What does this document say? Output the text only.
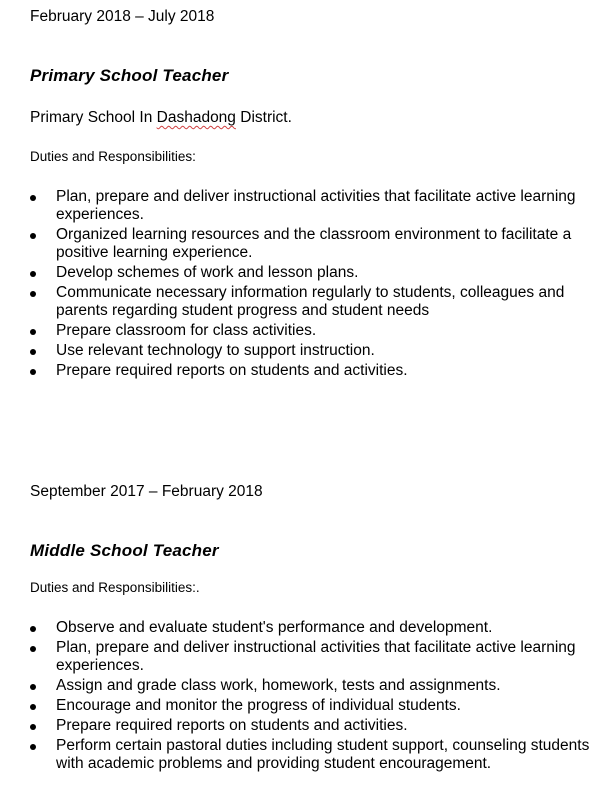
February 2018 – July 2018
Primary School Teacher
Primary School In Dashadong District.
Duties and Responsibilities:
Plan, prepare and deliver instructional activities that facilitate active learning experiences.
Organized learning resources and the classroom environment to facilitate a positive learning experience.
Develop schemes of work and lesson plans.
Communicate necessary information regularly to students, colleagues and parents regarding student progress and student needs
Prepare classroom for class activities.
Use relevant technology to support instruction.
Prepare required reports on students and activities.
September 2017 – February 2018
Middle School Teacher
Duties and Responsibilities:.
Observe and evaluate student's performance and development.
Plan, prepare and deliver instructional activities that facilitate active learning experiences.
Assign and grade class work, homework, tests and assignments.
Encourage and monitor the progress of individual students.
Prepare required reports on students and activities.
Perform certain pastoral duties including student support, counseling students with academic problems and providing student encouragement.
